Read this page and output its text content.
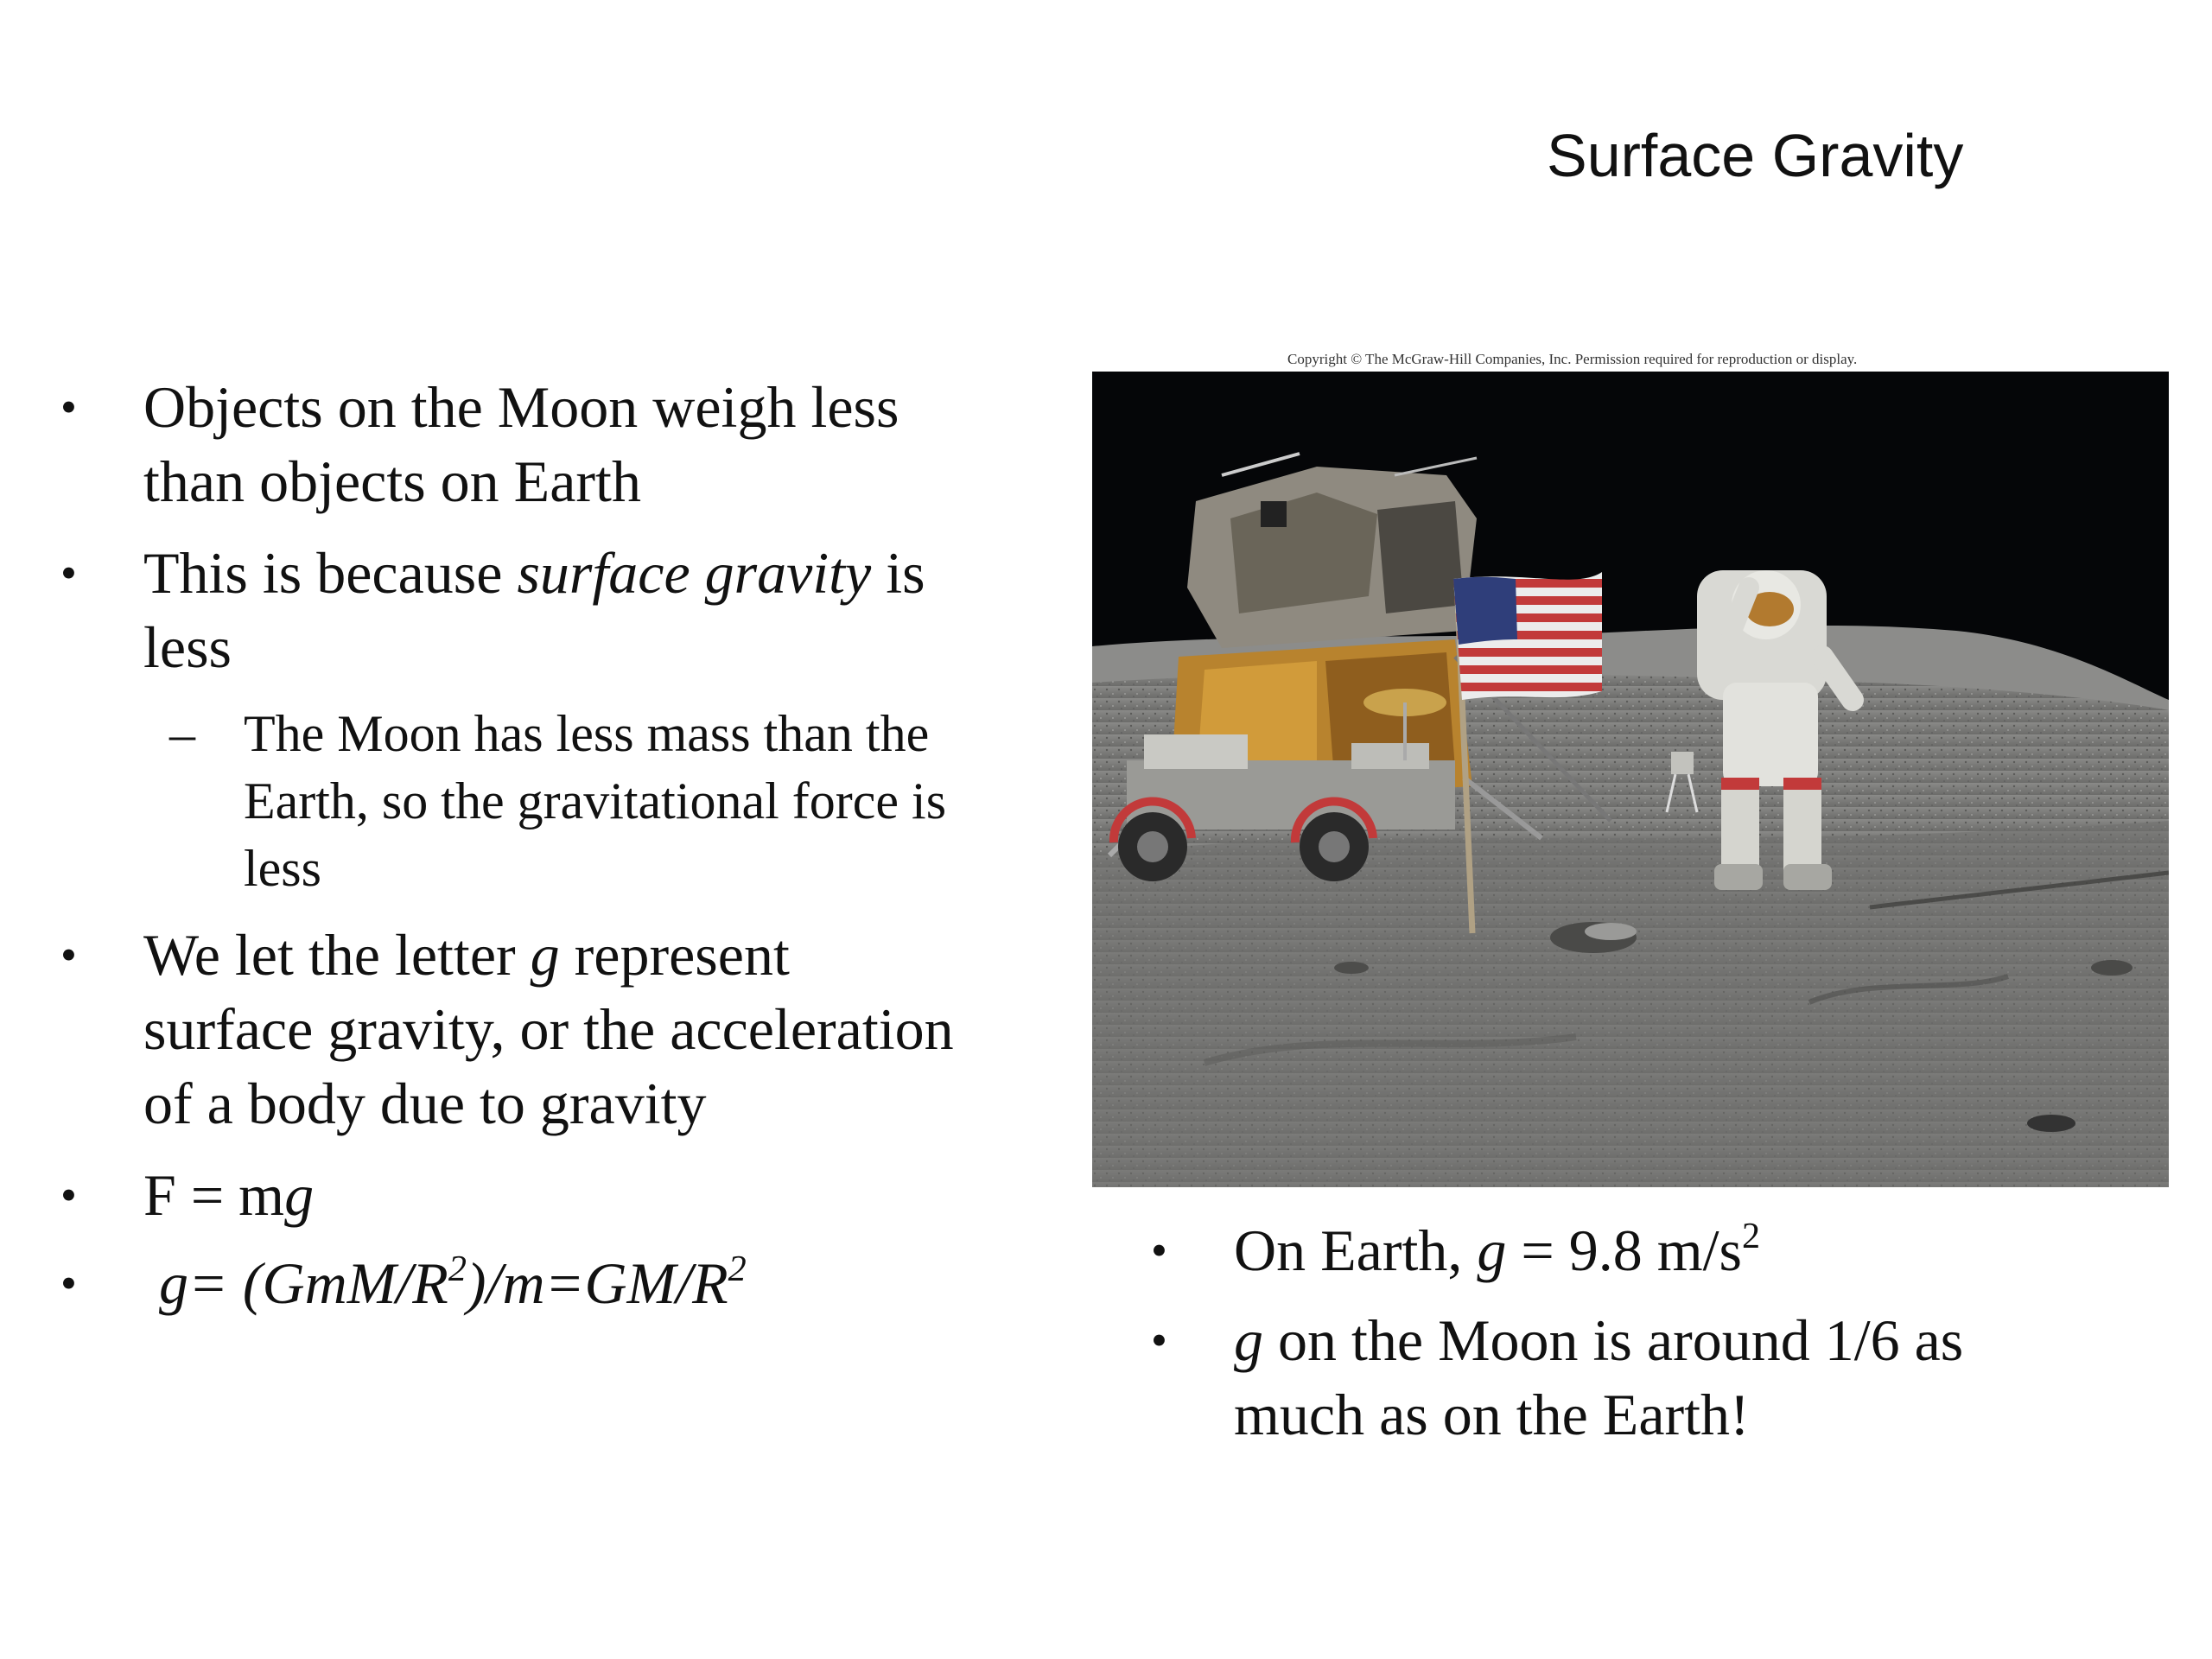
Surface Gravity
• Objects on the Moon weigh less
than objects on Earth
• This is because surface gravity is
less
– The Moon has less mass than the
Earth, so the gravitational force is
less
• We let the letter g represent
surface gravity, or the acceleration
of a body due to gravity
• F = mg
• $g= (GmM/R^2)/m=GM/R^2$
Copyright © The McGraw-Hill Companies, Inc. Permission required for reproduction or display.
• On Earth, g = 9.8 $m/s^2$
• g on the Moon is around 1/6 as
much as on the Earth!
